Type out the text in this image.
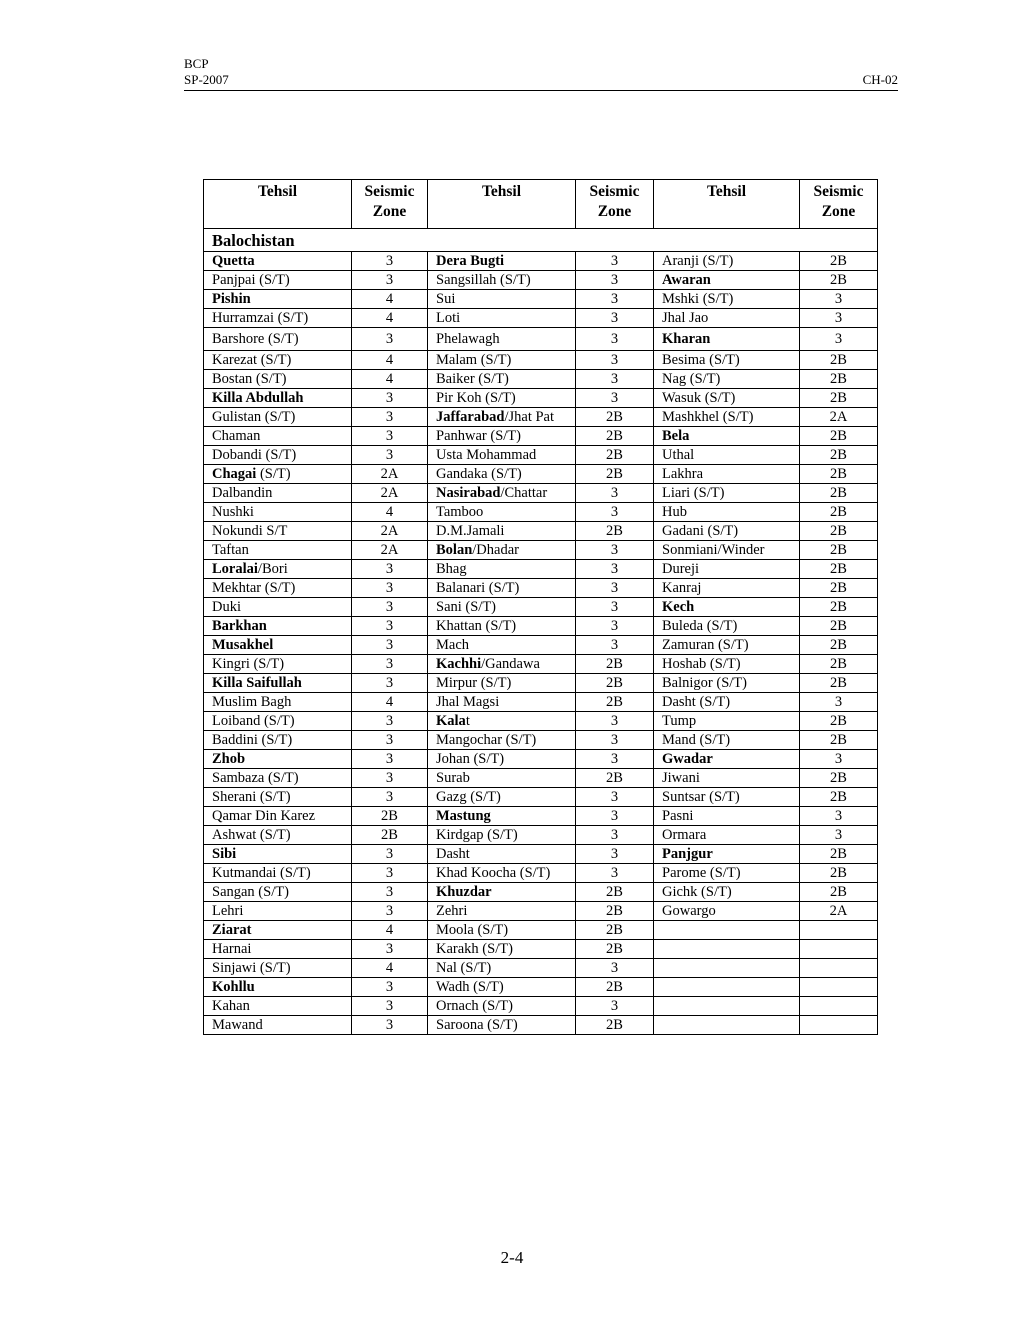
BCP
SP-2007	CH-02
Tehsil	Seismic Zone	Tehsil	Seismic Zone	Tehsil	Seismic Zone
Balochistan					
Quetta	3	Dera Bugti	3	Aranji (S/T)	2B
Panjpai (S/T)	3	Sangsillah (S/T)	3	Awaran	2B
Pishin	4	Sui	3	Mshki (S/T)	3
Hurramzai (S/T)	4	Loti	3	Jhal Jao	3
Barshore (S/T)	3	Phelawagh	3	Kharan	3
Karezat (S/T)	4	Malam (S/T)	3	Besima (S/T)	2B
Bostan (S/T)	4	Baiker (S/T)	3	Nag (S/T)	2B
Killa Abdullah	3	Pir Koh (S/T)	3	Wasuk (S/T)	2B
Gulistan (S/T)	3	Jaffarabad/Jhat Pat	2B	Mashkhel (S/T)	2A
Chaman	3	Panhwar (S/T)	2B	Bela	2B
Dobandi (S/T)	3	Usta Mohammad	2B	Uthal	2B
Chagai (S/T)	2A	Gandaka (S/T)	2B	Lakhra	2B
Dalbandin	2A	Nasirabad/Chattar	3	Liari (S/T)	2B
Nushki	4	Tamboo	3	Hub	2B
Nokundi S/T	2A	D.M.Jamali	2B	Gadani (S/T)	2B
Taftan	2A	Bolan/Dhadar	3	Sonmiani/Winder	2B
Loralai/Bori	3	Bhag	3	Dureji	2B
Mekhtar (S/T)	3	Balanari (S/T)	3	Kanraj	2B
Duki	3	Sani (S/T)	3	Kech	2B
Barkhan	3	Khattan (S/T)	3	Buleda (S/T)	2B
Musakhel	3	Mach	3	Zamuran (S/T)	2B
Kingri (S/T)	3	Kachhi/Gandawa	2B	Hoshab (S/T)	2B
Killa Saifullah	3	Mirpur (S/T)	2B	Balnigor (S/T)	2B
Muslim Bagh	4	Jhal Magsi	2B	Dasht (S/T)	3
Loiband (S/T)	3	Kalat	3	Tump	2B
Baddini (S/T)	3	Mangochar (S/T)	3	Mand (S/T)	2B
Zhob	3	Johan (S/T)	3	Gwadar	3
Sambaza (S/T)	3	Surab	2B	Jiwani	2B
Sherani (S/T)	3	Gazg (S/T)	3	Suntsar (S/T)	2B
Qamar Din Karez	2B	Mastung	3	Pasni	3
Ashwat (S/T)	2B	Kirdgap (S/T)	3	Ormara	3
Sibi	3	Dasht	3	Panjgur	2B
Kutmandai (S/T)	3	Khad Koocha (S/T)	3	Parome (S/T)	2B
Sangan (S/T)	3	Khuzdar	2B	Gichk (S/T)	2B
Lehri	3	Zehri	2B	Gowargo	2A
Ziarat	4	Moola (S/T)	2B		
Harnai	3	Karakh (S/T)	2B		
Sinjawi (S/T)	4	Nal (S/T)	3		
Kohllu	3	Wadh (S/T)	2B		
Kahan	3	Ornach (S/T)	3		
Mawand	3	Saroona (S/T)	2B		
2-4
